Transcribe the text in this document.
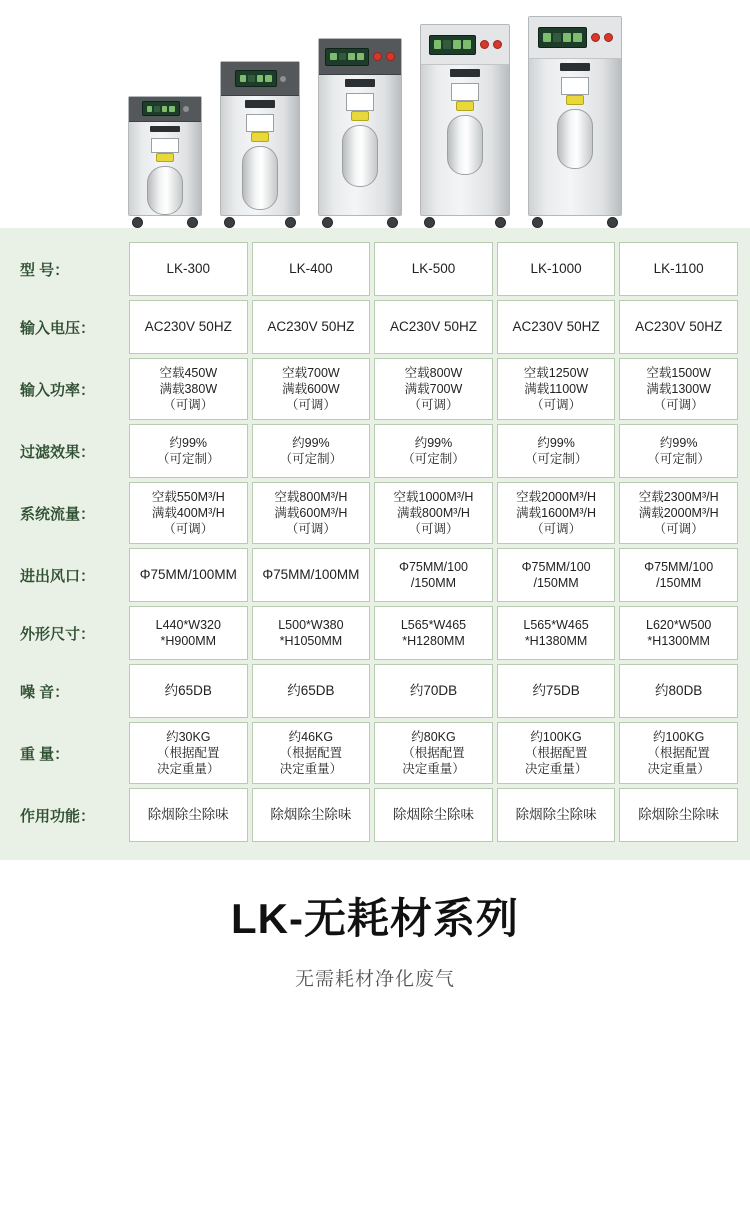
型 号：	LK-300	LK-400	LK-500	LK-1000	LK-1100

输入电压：	AC230V 50HZ	AC230V 50HZ	AC230V 50HZ	AC230V 50HZ	AC230V 50HZ

输入功率：	空载450W
满载380W
（可调）	空载700W
满载600W
（可调）	空载800W
满载700W
（可调）	空载1250W
满载1100W
（可调）	空载1500W
满载1300W
（可调）

过滤效果：	约99%
（可定制）	约99%
（可定制）	约99%
（可定制）	约99%
（可定制）	约99%
（可定制）

系统流量：	空载550M³/H
满载400M³/H
（可调）	空载800M³/H
满载600M³/H
（可调）	空载1000M³/H
满载800M³/H
（可调）	空载2000M³/H
满载1600M³/H
（可调）	空载2300M³/H
满载2000M³/H
（可调）

进出风口：	Φ75MM/100MM	Φ75MM/100MM	Φ75MM/100
/150MM	Φ75MM/100
/150MM	Φ75MM/100
/150MM

外形尺寸：	L440*W320
*H900MM	L500*W380
*H1050MM	L565*W465
*H1280MM	L565*W465
*H1380MM	L620*W500
*H1300MM

噪 音：	约65DB	约65DB	约70DB	约75DB	约80DB

重 量：	约30KG
（根据配置
决定重量）	约46KG
（根据配置
决定重量）	约80KG
（根据配置
决定重量）	约100KG
（根据配置
决定重量）	约100KG
（根据配置
决定重量）

作用功能：	除烟除尘除味	除烟除尘除味	除烟除尘除味	除烟除尘除味	除烟除尘除味
LK-无耗材系列

无需耗材净化废气
